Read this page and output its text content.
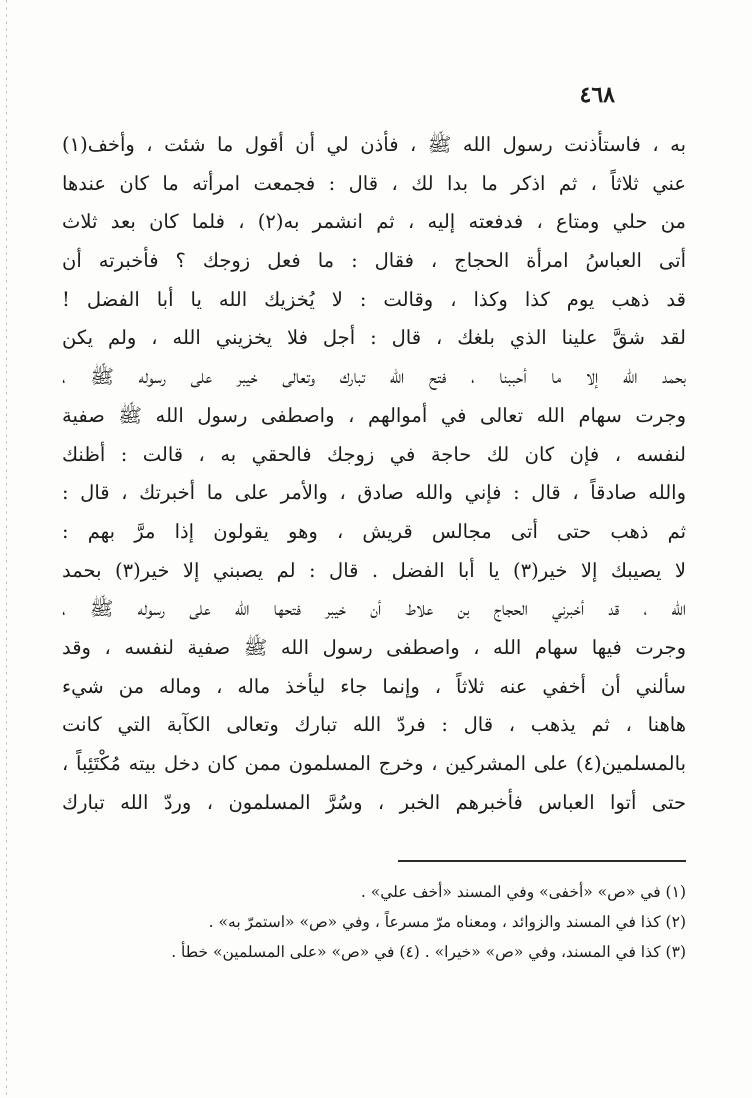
٤٦٨
به ، فاستأذنت رسول الله ﷺ ، فأذن لي أن أقول ما شئت ، وأخف(١)
عني ثلاثاً ، ثم اذكر ما بدا لك ، قال : فجمعت امرأته ما كان عندها
من حلي ومتاع ، فدفعته إليه ، ثم انشمر به(٢) ، فلما كان بعد ثلاث
أتى العباسُ امرأة الحجاج ، فقال : ما فعل زوجك ؟ فأخبرته أن
قد ذهب يوم كذا وكذا ، وقالت : لا يُخزيك الله يا أبا الفضل !
لقد شقَّ علينا الذي بلغك ، قال : أجل فلا يخزيني الله ، ولم يكن
بحمد الله إلا ما أحببنا ، فتح الله تبارك وتعالى خيبر على رسوله ﷺ ،
وجرت سهام الله تعالى في أموالهم ، واصطفى رسول الله ﷺ صفية
لنفسه ، فإن كان لك حاجة في زوجك فالحقي به ، قالت : أظنك
والله صادقاً ، قال : فإني والله صادق ، والأمر على ما أخبرتك ، قال :
ثم ذهب حتى أتى مجالس قريش ، وهو يقولون إذا مرَّ بهم :
لا يصيبك إلا خير(٣) يا أبا الفضل . قال : لم يصبني إلا خير(٣) بحمد
الله ، قد أخبرني الحجاج بن علاط أن خيبر فتحها الله على رسوله ﷺ ،
وجرت فيها سهام الله ، واصطفى رسول الله ﷺ صفية لنفسه ، وقد
سألني أن أخفي عنه ثلاثاً ، وإنما جاء ليأخذ ماله ، وماله من شيء
هاهنا ، ثم يذهب ، قال : فردّ الله تبارك وتعالى الكآبة التي كانت
بالمسلمين(٤) على المشركين ، وخرج المسلمون ممن كان دخل بيته مُكْتَئِباً ،
حتى أتوا العباس فأخبرهم الخبر ، وسُرَّ المسلمون ، وردّ الله تبارك
(١) في «ص» «أخفى» وفي المسند «أخف علي» .
(٢) كذا في المسند والزوائد ، ومعناه مرّ مسرعاً ، وفي «ص» «استمرّ به» .
(٣) كذا في المسند، وفي «ص» «خيرا» . (٤) في «ص» «على المسلمين» خطأ .
